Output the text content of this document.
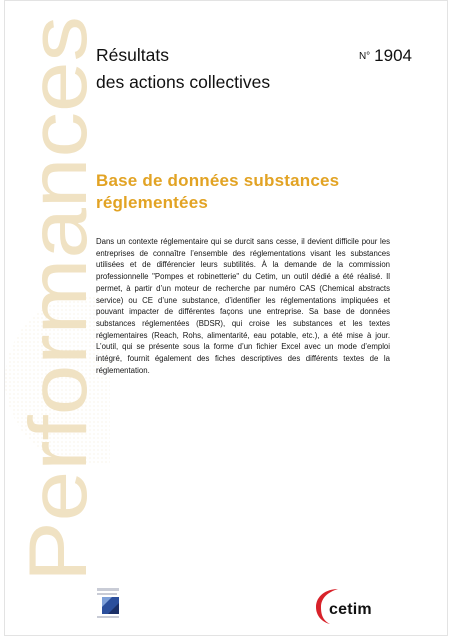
Performances
Résultats
des actions collectives
N° 1904
Base de données substances
réglementées
Dans un contexte réglementaire qui se durcit sans cesse, il devient difficile pour les entreprises de connaître l’ensemble des réglementations visant les substances utilisées et de différencier leurs subtilités. À la demande de la commission professionnelle "Pompes et robinetterie" du Cetim, un outil dédié a été réalisé. Il permet, à partir d’un moteur de recherche par numéro CAS (Chemical abstracts service) ou CE d’une substance, d’identifier les réglementations impliquées et pouvant impacter de différentes façons une entreprise. Sa base de données substances réglementées (BDSR), qui croise les substances et les textes réglementaires (Reach, Rohs, alimentarité, eau potable, etc.), a été mise à jour. L’outil, qui se présente sous la forme d’un fichier Excel avec un mode d’emploi intégré, fournit également des fiches descriptives des différents textes de la réglementation.
cetim
